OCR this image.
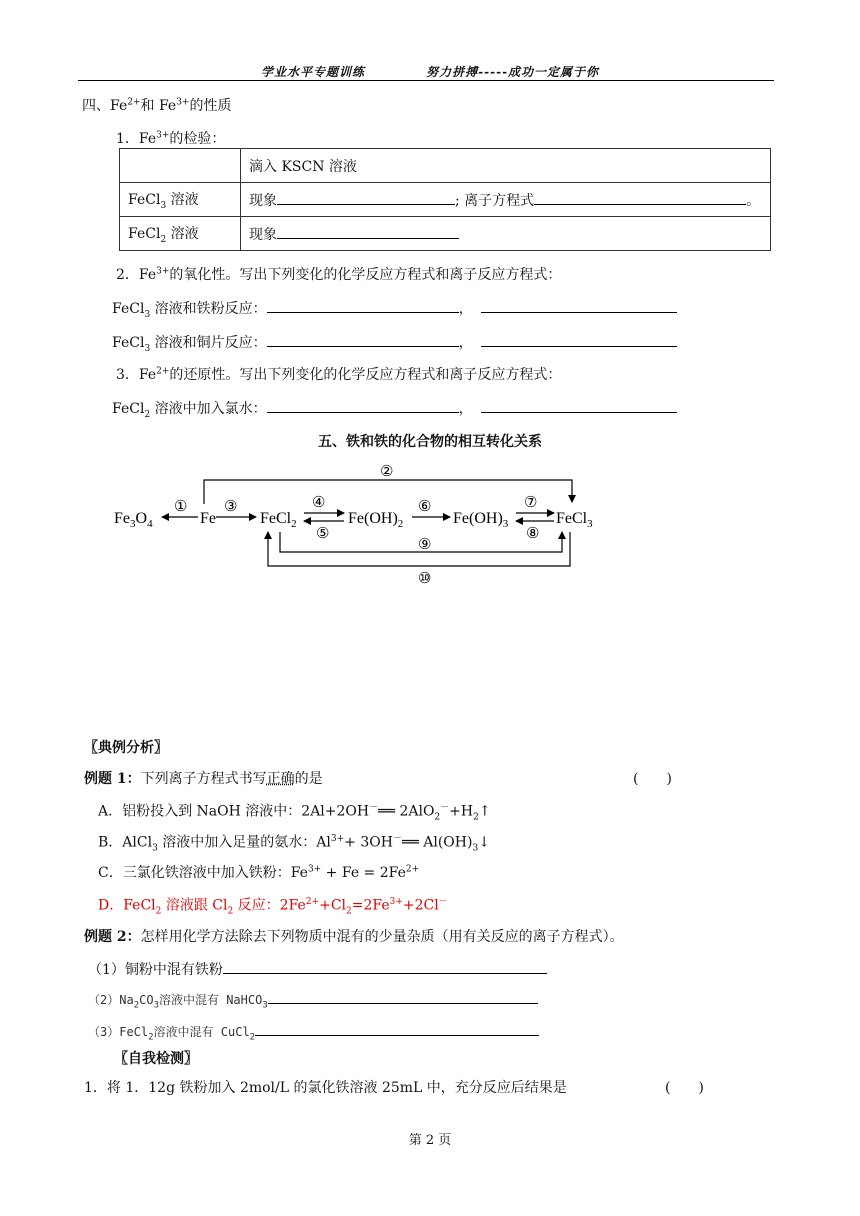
学业水平专题训练	努力拼搏-----成功一定属于你
四、$Fe^{2+}$和 $Fe^{3+}$的性质
1．$Fe^{3+}$的检验：
	滴入 KSCN 溶液
FeCl$_3$ 溶液	现象 ; 离子方程式 。
FeCl$_2$ 溶液	现象
2．$Fe^{3+}$的氧化性。写出下列变化的化学反应方程式和离子反应方程式：
FeCl$_3$ 溶液和铁粉反应：	，
FeCl$_3$ 溶液和铜片反应：	，
3．$Fe^{2+}$的还原性。写出下列变化的化学反应方程式和离子反应方程式：
FeCl$_2$ 溶液中加入氯水：	，
五、铁和铁的化合物的相互转化关系
$Fe_3O_4$	Fe	FeCl$_2$	$Fe(OH)_2$	$Fe(OH)_3$	FeCl$_3$
① ③
②
④
⑤
⑥	⑦
⑧
⑨
⑩
〖典例分析〗
例题 1：下列离子方程式书写正确的是	(　　)
A．铝粉投入到 NaOH 溶液中：2Al+2OH－══ $2AlO_2^-+H_2↑$
B．AlCl$_3$ 溶液中加入足量的氨水：$Al^{3+}+$ 3OH－══ $Al(OH)_3↓$
C．三氯化铁溶液中加入铁粉：$Fe^{3+} + Fe = 2Fe^{2+}$
D．FeCl$_2$ 溶液跟 $Cl_2$ 反应：$2Fe^{2+}+Cl_2=2Fe^{3+}+2Cl^-$
例题 2：怎样用化学方法除去下列物质中混有的少量杂质（用有关反应的离子方程式）。
（1）铜粉中混有铁粉
$(2)Na_2CO_3$溶液中混有 NaHCO$_3$
（3）FeCl$_2$溶液中混有 CuCl$_2$
〖自我检测〗
1．将 1．12g 铁粉加入 2mol/L 的氯化铁溶液 25mL 中，充分反应后结果是	(　　)
第 2 页
